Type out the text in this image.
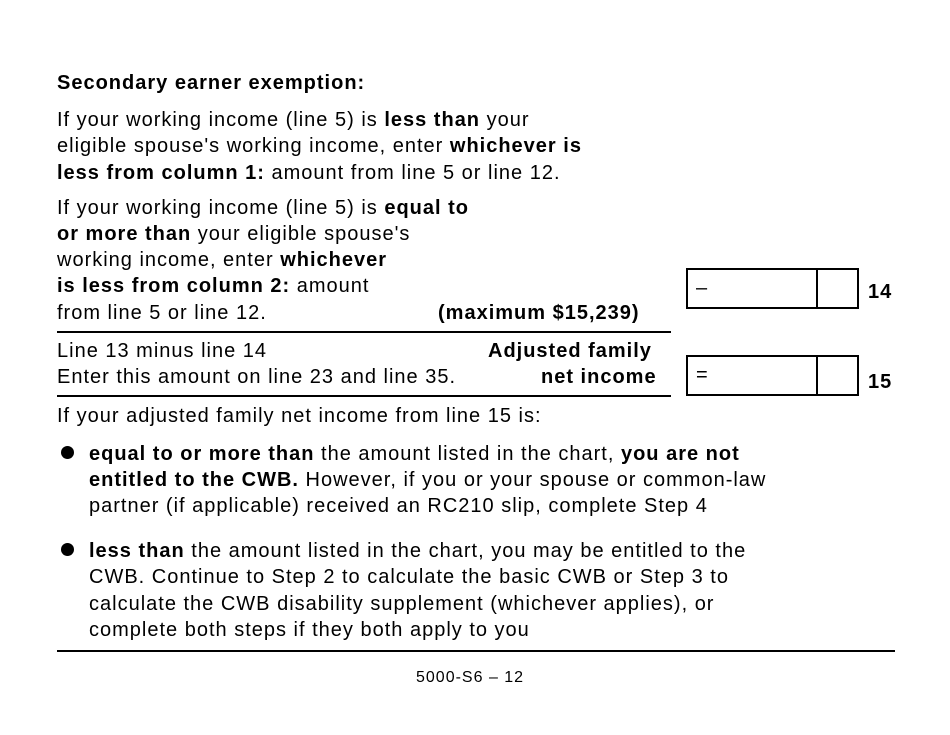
Secondary earner exemption:
If your working income (line 5) is less than your
eligible spouse's working income, enter whichever is
less from column 1: amount from line 5 or line 12.
If your working income (line 5) is equal to
or more than your eligible spouse's
working income, enter whichever
is less from column 2: amount
from line 5 or line 12.	(maximum $15,239)
–	14
Line 13 minus line 14	Adjusted family
Enter this amount on line 23 and line 35.	net income =	15
If your adjusted family net income from line 15 is:
equal to or more than the amount listed in the chart, you are not
entitled to the CWB. However, if you or your spouse or common-law
partner (if applicable) received an RC210 slip, complete Step 4
less than the amount listed in the chart, you may be entitled to the
CWB. Continue to Step 2 to calculate the basic CWB or Step 3 to
calculate the CWB disability supplement (whichever applies), or
complete both steps if they both apply to you
5000-S6 – 12
